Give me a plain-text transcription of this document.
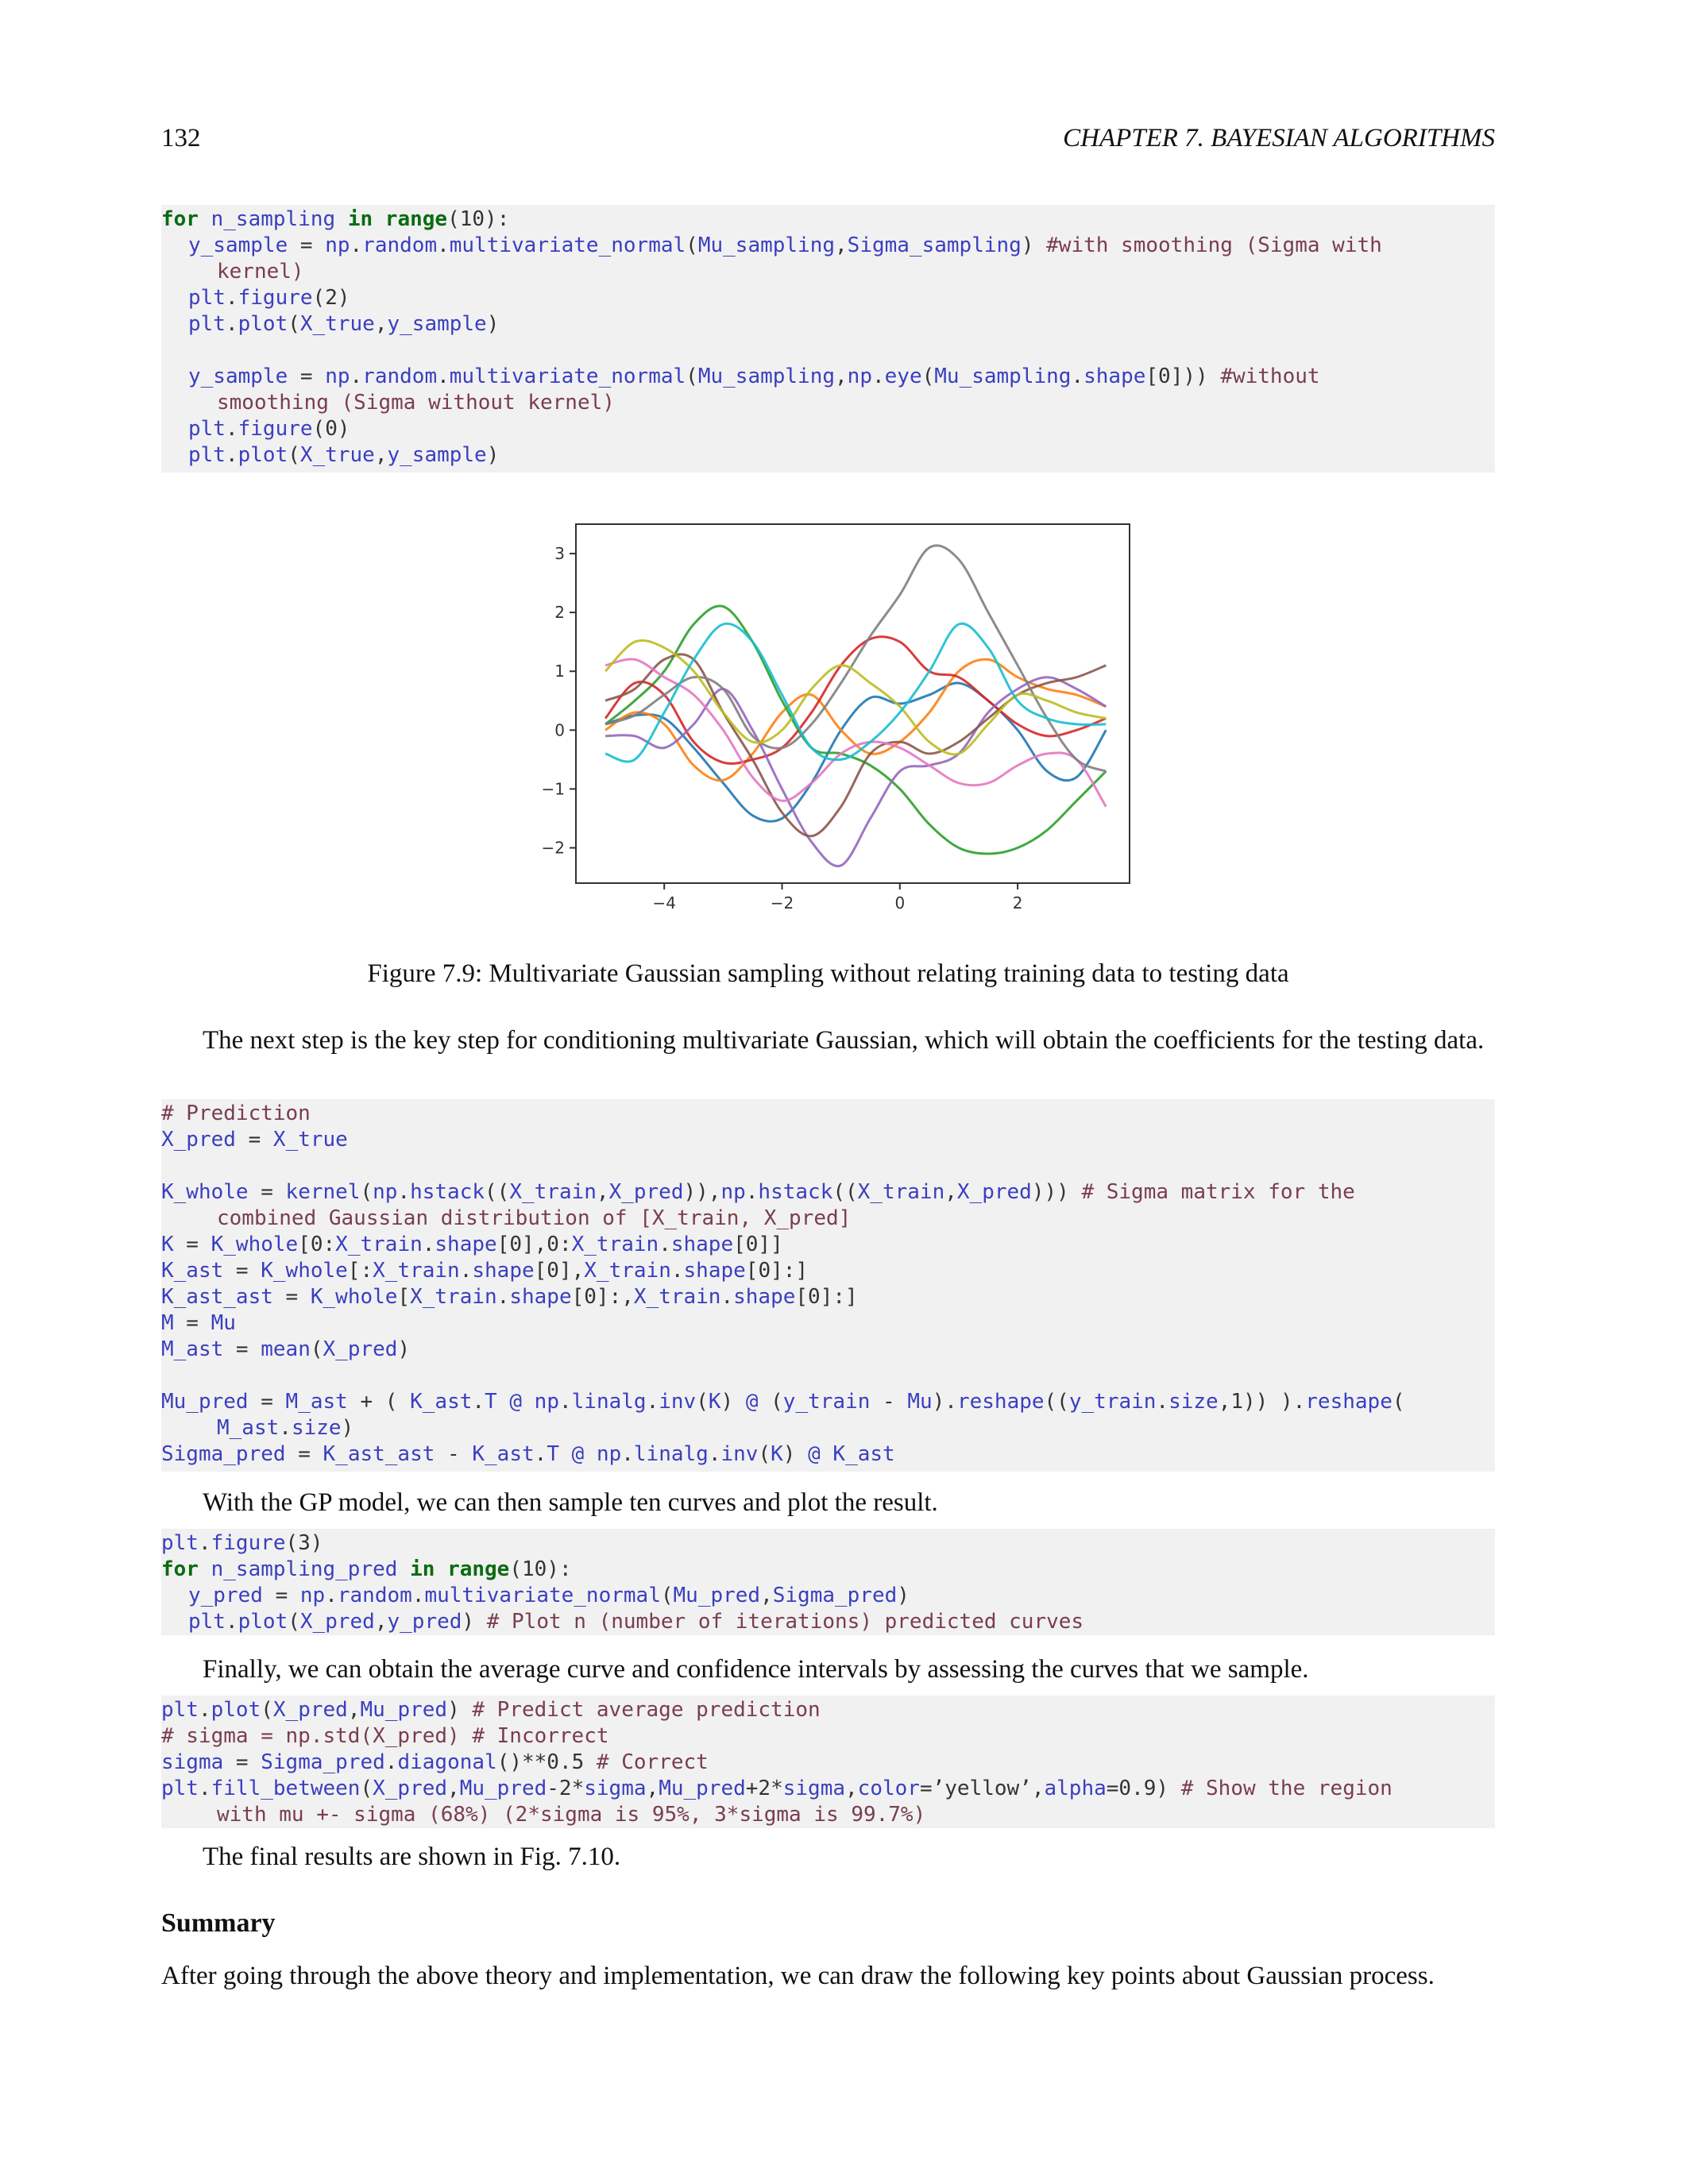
132	CHAPTER 7. BAYESIAN ALGORITHMS
for n_sampling in range(10):
y_sample = np.random.multivariate_normal(Mu_sampling,Sigma_sampling) #with smoothing (Sigma with
kernel)
plt.figure(2)
plt.plot(X_true,y_sample)
y_sample = np.random.multivariate_normal(Mu_sampling,np.eye(Mu_sampling.shape[0])) #without
smoothing (Sigma without kernel)
plt.figure(0)
plt.plot(X_true,y_sample)
−4	−2	0	2
3
2
1
0
−1
−2
Figure 7.9: Multivariate Gaussian sampling without relating training data to testing data
The next step is the key step for conditioning multivariate Gaussian, which will obtain the coefficients for the testing data.
# Prediction
X_pred = X_true
K_whole = kernel(np.hstack((X_train,X_pred)),np.hstack((X_train,X_pred))) # Sigma matrix for the
combined Gaussian distribution of [X_train, X_pred]
K = K_whole[0:X_train.shape[0],0:X_train.shape[0]]
K_ast = K_whole[:X_train.shape[0],X_train.shape[0]:]
K_ast_ast = K_whole[X_train.shape[0]:,X_train.shape[0]:]
M = Mu
M_ast = mean(X_pred)
Mu_pred = M_ast + ( K_ast.T @ np.linalg.inv(K) @ (y_train - Mu).reshape((y_train.size,1)) ).reshape(
M_ast.size)
Sigma_pred = K_ast_ast - K_ast.T @ np.linalg.inv(K) @ K_ast
With the GP model, we can then sample ten curves and plot the result.
plt.figure(3)
for n_sampling_pred in range(10):
y_pred = np.random.multivariate_normal(Mu_pred,Sigma_pred)
plt.plot(X_pred,y_pred) # Plot n (number of iterations) predicted curves
Finally, we can obtain the average curve and confidence intervals by assessing the curves that we sample.
plt.plot(X_pred,Mu_pred) # Predict average prediction
# sigma = np.std(X_pred) # Incorrect
sigma = Sigma_pred.diagonal()**0.5 # Correct
plt.fill_between(X_pred,Mu_pred-2*sigma,Mu_pred+2*sigma,color=’yellow’,alpha=0.9) # Show the region
with mu +- sigma (68%) (2*sigma is 95%, 3*sigma is 99.7%)
The final results are shown in Fig. 7.10.
Summary
After going through the above theory and implementation, we can draw the following key points about Gaussian process.
